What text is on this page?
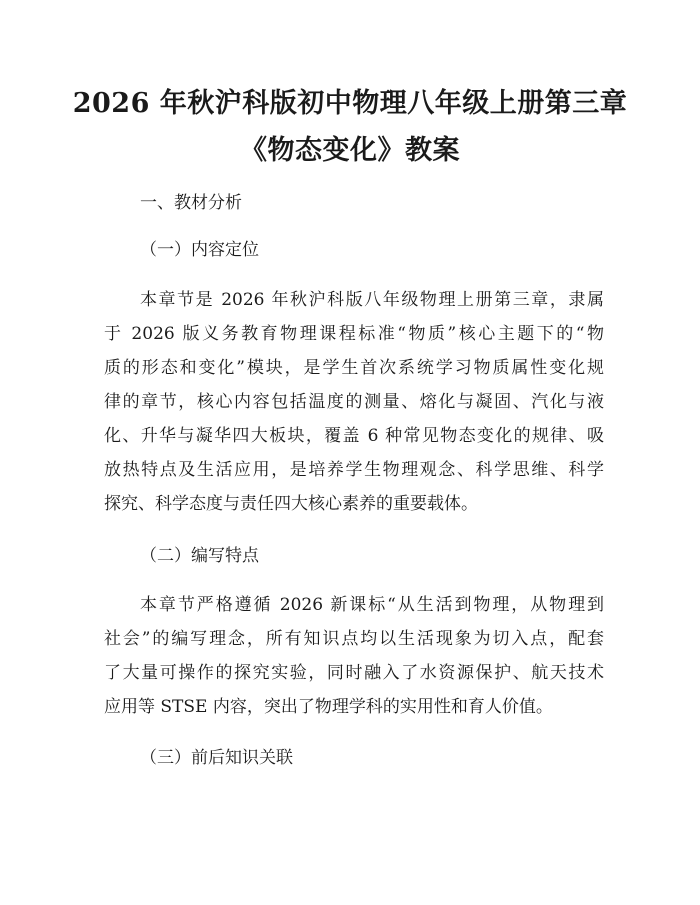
2026 年秋沪科版初中物理八年级上册第三章
《物态变化》教案
一、教材分析
（一）内容定位
本章节是 2026 年秋沪科版八年级物理上册第三章，隶属
于 2026 版义务教育物理课程标准“物质”核心主题下的“物
质的形态和变化”模块，是学生首次系统学习物质属性变化规
律的章节，核心内容包括温度的测量、熔化与凝固、汽化与液
化、升华与凝华四大板块，覆盖 6 种常见物态变化的规律、吸
放热特点及生活应用，是培养学生物理观念、科学思维、科学
探究、科学态度与责任四大核心素养的重要载体。
（二）编写特点
本章节严格遵循 2026 新课标“从生活到物理，从物理到
社会”的编写理念，所有知识点均以生活现象为切入点，配套
了大量可操作的探究实验，同时融入了水资源保护、航天技术
应用等 STSE 内容，突出了物理学科的实用性和育人价值。
（三）前后知识关联
